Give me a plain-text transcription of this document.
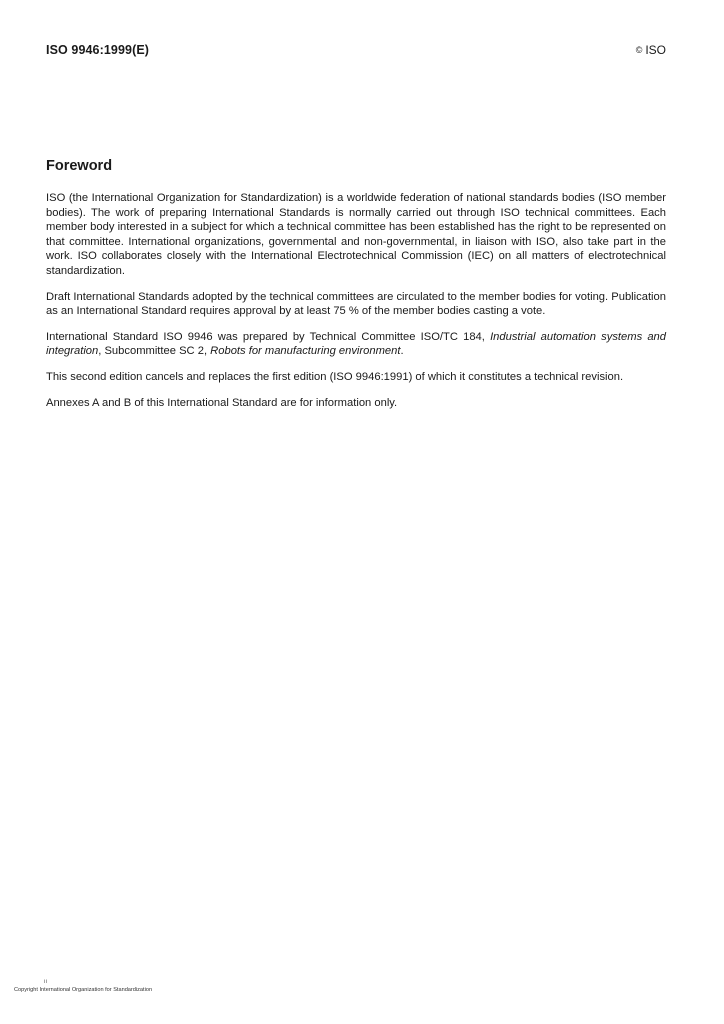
ISO 9946:1999(E)	© ISO
Foreword

ISO (the International Organization for Standardization) is a worldwide federation of national standards bodies (ISO member bodies). The work of preparing International Standards is normally carried out through ISO technical committees. Each member body interested in a subject for which a technical committee has been established has the right to be represented on that committee. International organizations, governmental and non-governmental, in liaison with ISO, also take part in the work. ISO collaborates closely with the International Electrotechnical Commission (IEC) on all matters of electrotechnical standardization.

Draft International Standards adopted by the technical committees are circulated to the member bodies for voting. Publication as an International Standard requires approval by at least 75 % of the member bodies casting a vote.

International Standard ISO 9946 was prepared by Technical Committee ISO/TC 184, Industrial automation systems and integration, Subcommittee SC 2, Robots for manufacturing environment.

This second edition cancels and replaces the first edition (ISO 9946:1991) of which it constitutes a technical revision.

Annexes A and B of this International Standard are for information only.

ii
Copyright International Organization for Standardization
